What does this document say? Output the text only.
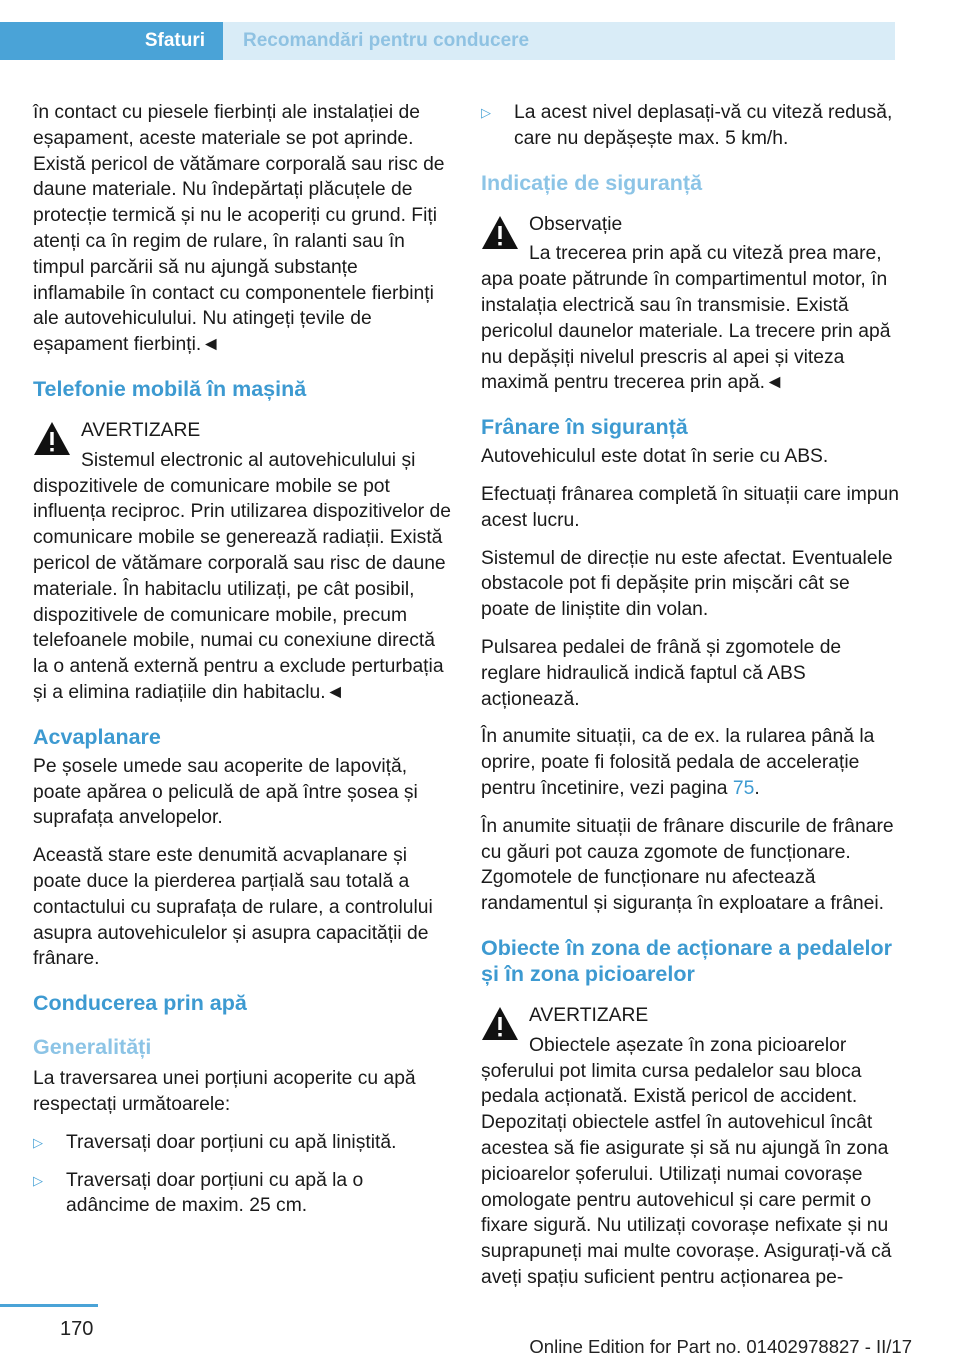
Sfaturi Recomandări pentru conducere

în contact cu piesele fierbinți ale instalației de eșapament, aceste materiale se pot aprinde. Există pericol de vătămare corporală sau risc de daune materiale. Nu îndepărtați plăcuțele de protecție termică și nu le acoperiți cu grund. Fiți atenți ca în regim de rulare, în ralanti sau în timpul parcării să nu ajungă substanțe inflamabile în contact cu componentele fierbinți ale autovehiculului. Nu atingeți țevile de eșapament fierbinți.◄

Telefonie mobilă în mașină

AVERTIZARE

Sistemul electronic al autovehiculului și dispozitivele de comunicare mobile se pot influența reciproc. Prin utilizarea dispozitivelor de comunicare mobile se generează radiații. Există pericol de vătămare corporală sau risc de daune materiale. În habitaclu utilizați, pe cât posibil, dispozitivele de comunicare mobile, precum telefoanele mobile, numai cu conexiune directă la o antenă externă pentru a exclude perturbația și a elimina radiațiile din habitaclu.◄

Acvaplanare

Pe șosele umede sau acoperite de lapoviță, poate apărea o peliculă de apă între șosea și suprafața anvelopelor.

Această stare este denumită acvaplanare și poate duce la pierderea parțială sau totală a contactului cu suprafața de rulare, a controlului asupra autovehiculelor și asupra capacității de frânare.

Conducerea prin apă
Generalități

La traversarea unei porțiuni acoperite cu apă respectați următoarele:

▷ Traversați doar porțiuni cu apă liniștită.
▷ Traversați doar porțiuni cu apă la o adâncime de maxim. 25 cm.
▷ La acest nivel deplasați-vă cu viteză redusă, care nu depășește max. 5 km/h.
Indicație de siguranță

Observație

La trecerea prin apă cu viteză prea mare, apa poate pătrunde în compartimentul motor, în instalația electrică sau în transmisie. Există pericolul daunelor materiale. La trecere prin apă nu depășiți nivelul prescris al apei și viteza maximă pentru trecerea prin apă.◄

Frânare în siguranță

Autovehiculul este dotat în serie cu ABS.

Efectuați frânarea completă în situații care impun acest lucru.

Sistemul de direcție nu este afectat. Eventualele obstacole pot fi depășite prin mișcări cât se poate de liniștite din volan.

Pulsarea pedalei de frână și zgomotele de reglare hidraulică indică faptul că ABS acționează.

În anumite situații, ca de ex. la rularea până la oprire, poate fi folosită pedala de accelerație pentru încetinire, vezi pagina 75.

În anumite situații de frânare discurile de frânare cu găuri pot cauza zgomote de funcționare. Zgomotele de funcționare nu afectează randamentul și siguranța în exploatare a frânei.

Obiecte în zona de acționare a pedalelor și în zona picioarelor

AVERTIZARE

Obiectele așezate în zona picioarelor șoferului pot limita cursa pedalelor sau bloca pedala acționată. Există pericol de accident. Depozitați obiectele astfel în autovehicul încât acestea să fie asigurate și să nu ajungă în zona picioarelor șoferului. Utilizați numai covorașe omologate pentru autovehicul și care permit o fixare sigură. Nu utilizați covorașe nefixate și nu suprapuneți mai multe covorașe. Asigurați-vă că aveți spațiu suficient pentru acționarea pe-

170
Online Edition for Part no. 01402978827 - II/17
